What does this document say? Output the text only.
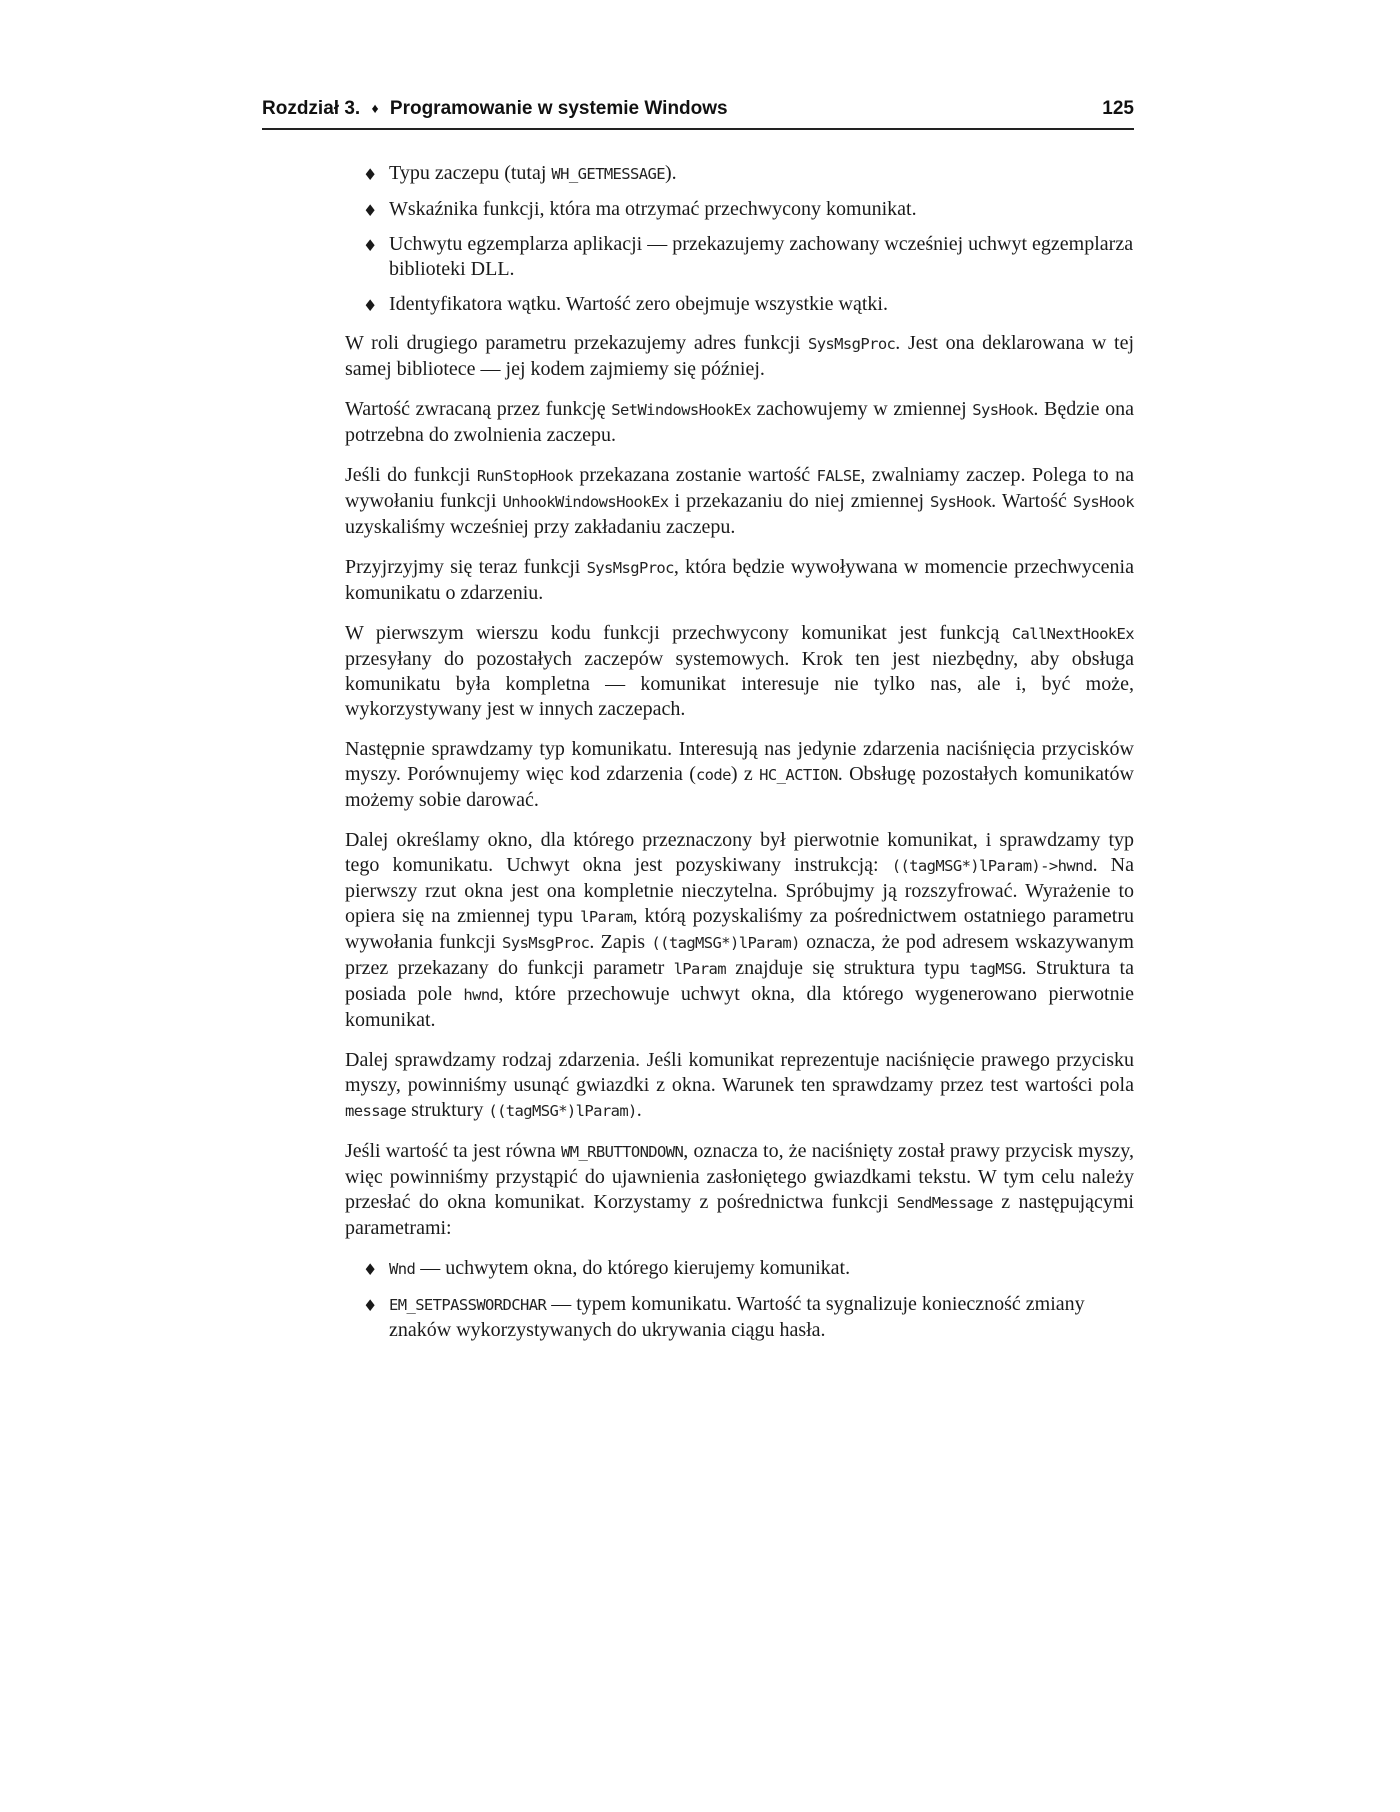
Rozdział 3. ♦ Programowanie w systemie Windows	125
♦ Typu zaczepu (tutaj WH_GETMESSAGE).
♦ Wskaźnika funkcji, która ma otrzymać przechwycony komunikat.
♦ Uchwytu egzemplarza aplikacji — przekazujemy zachowany wcześniej uchwyt egzemplarza biblioteki DLL.
♦ Identyfikatora wątku. Wartość zero obejmuje wszystkie wątki.

W roli drugiego parametru przekazujemy adres funkcji SysMsgProc. Jest ona deklarowana w tej samej bibliotece — jej kodem zajmiemy się później.

Wartość zwracaną przez funkcję SetWindowsHookEx zachowujemy w zmiennej SysHook. Będzie ona potrzebna do zwolnienia zaczepu.

Jeśli do funkcji RunStopHook przekazana zostanie wartość FALSE, zwalniamy zaczep. Polega to na wywołaniu funkcji UnhookWindowsHookEx i przekazaniu do niej zmiennej SysHook. Wartość SysHook uzyskaliśmy wcześniej przy zakładaniu zaczepu.

Przyjrzyjmy się teraz funkcji SysMsgProc, która będzie wywoływana w momencie przechwycenia komunikatu o zdarzeniu.

W pierwszym wierszu kodu funkcji przechwycony komunikat jest funkcją CallNextHookEx przesyłany do pozostałych zaczepów systemowych. Krok ten jest niezbędny, aby obsługa komunikatu była kompletna — komunikat interesuje nie tylko nas, ale i, być może, wykorzystywany jest w innych zaczepach.

Następnie sprawdzamy typ komunikatu. Interesują nas jedynie zdarzenia naciśnięcia przycisków myszy. Porównujemy więc kod zdarzenia (code) z HC_ACTION. Obsługę pozostałych komunikatów możemy sobie darować.

Dalej określamy okno, dla którego przeznaczony był pierwotnie komunikat, i sprawdzamy typ tego komunikatu. Uchwyt okna jest pozyskiwany instrukcją: ((tagMSG*)lParam)->hwnd. Na pierwszy rzut okna jest ona kompletnie nieczytelna. Spróbujmy ją rozszyfrować. Wyrażenie to opiera się na zmiennej typu lParam, którą pozyskaliśmy za pośrednictwem ostatniego parametru wywołania funkcji SysMsgProc. Zapis ((tagMSG*)lParam) oznacza, że pod adresem wskazywanym przez przekazany do funkcji parametr lParam znajduje się struktura typu tagMSG. Struktura ta posiada pole hwnd, które przechowuje uchwyt okna, dla którego wygenerowano pierwotnie komunikat.

Dalej sprawdzamy rodzaj zdarzenia. Jeśli komunikat reprezentuje naciśnięcie prawego przycisku myszy, powinniśmy usunąć gwiazdki z okna. Warunek ten sprawdzamy przez test wartości pola message struktury ((tagMSG*)lParam).

Jeśli wartość ta jest równa WM_RBUTTONDOWN, oznacza to, że naciśnięty został prawy przycisk myszy, więc powinniśmy przystąpić do ujawnienia zasłoniętego gwiazdkami tekstu. W tym celu należy przesłać do okna komunikat. Korzystamy z pośrednictwa funkcji SendMessage z następującymi parametrami:

♦ Wnd — uchwytem okna, do którego kierujemy komunikat.
♦ EM_SETPASSWORDCHAR — typem komunikatu. Wartość ta sygnalizuje konieczność zmiany znaków wykorzystywanych do ukrywania ciągu hasła.
